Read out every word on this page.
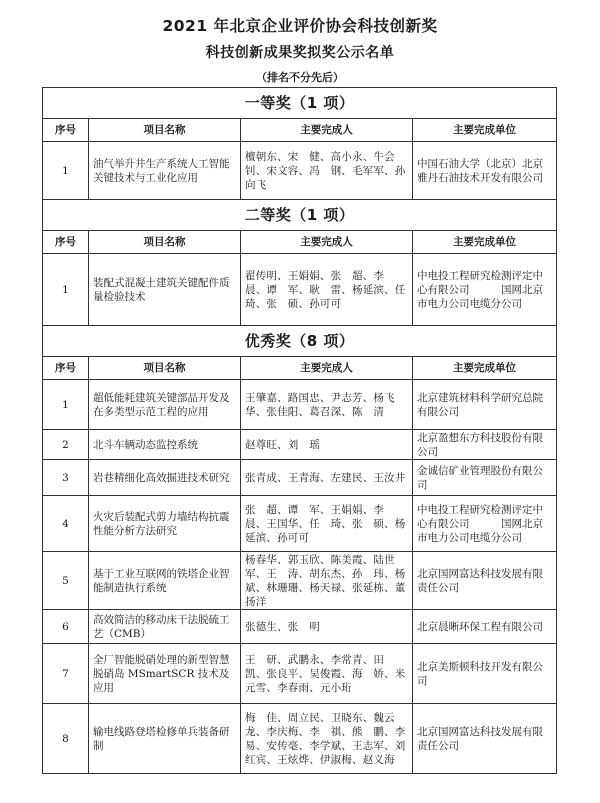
2021 年北京企业评价协会科技创新奖
科技创新成果奖拟奖公示名单
（排名不分先后）
一等奖（1 项）			
序号	项目名称	主要完成人	主要完成单位
1	油气举升井生产系统人工智能关键技术与工业化应用	檀朝东、宋　健、高小永、牛会钊、宋文容、冯　钢、毛军军、孙向飞	中国石油大学（北京）北京雅丹石油技术开发有限公司
二等奖（1 项）			
序号	项目名称	主要完成人	主要完成单位
1	装配式混凝土建筑关键配件质量检验技术	翟传明、王娟娟、张　超、李　晨、谭　军、耿　雷、杨延滨、任　琦、张　硕、孙可可	中电投工程研究检测评定中心有限公司　　　国网北京市电力公司电缆分公司
优秀奖（8 项）			
序号	项目名称	主要完成人	主要完成单位
1	超低能耗建筑关键部品开发及在多类型示范工程的应用	王肇嘉、路国忠、尹志芳、杨飞华、张佳阳、葛召深、陈　清	北京建筑材料科学研究总院有限公司
2	北斗车辆动态监控系统	赵尊旺、刘　瑶	北京盈想东方科技股份有限公司
3	岩巷精细化高效掘进技术研究	张青成、王青海、左建民、王汝井	金诚信矿业管理股份有限公司
4	火灾后装配式剪力墙结构抗震性能分析方法研究	张　超、谭　军、王娟娟、李　晨、王国华、任　琦、张　硕、杨延滨、孙可可	中电投工程研究检测评定中心有限公司　　　国网北京市电力公司电缆分公司
5	基于工业互联网的铁塔企业智能制造执行系统	杨春华、郭玉欣、陈美霞、陆世军、王　涛、胡东杰、孙　玮、杨　斌、林珊珊、杨天禄、张延栋、董扬洋	北京国网富达科技发展有限责任公司
6	高效简洁的移动床干法脱硫工艺（CMB）	张德生、张　明	北京晨晰环保工程有限公司
7	全厂智能脱硝处理的新型智慧脱硝岛 MSmartSCR 技术及应用	王　研、武鹏永、李常青、田　凯、张良平、吴俊霞、海　娇、米元雪、李春雨、元小珩	北京美斯顿科技开发有限公司
8	输电线路登塔检修单兵装备研制	梅　佳、周立民、卫晓东、魏云龙、李庆梅、李　祺、熊　鹏、李　易、安传毫、李学斌、王志军、刘红宾、王炫烨、伊淑梅、赵义海	北京国网富达科技发展有限责任公司
